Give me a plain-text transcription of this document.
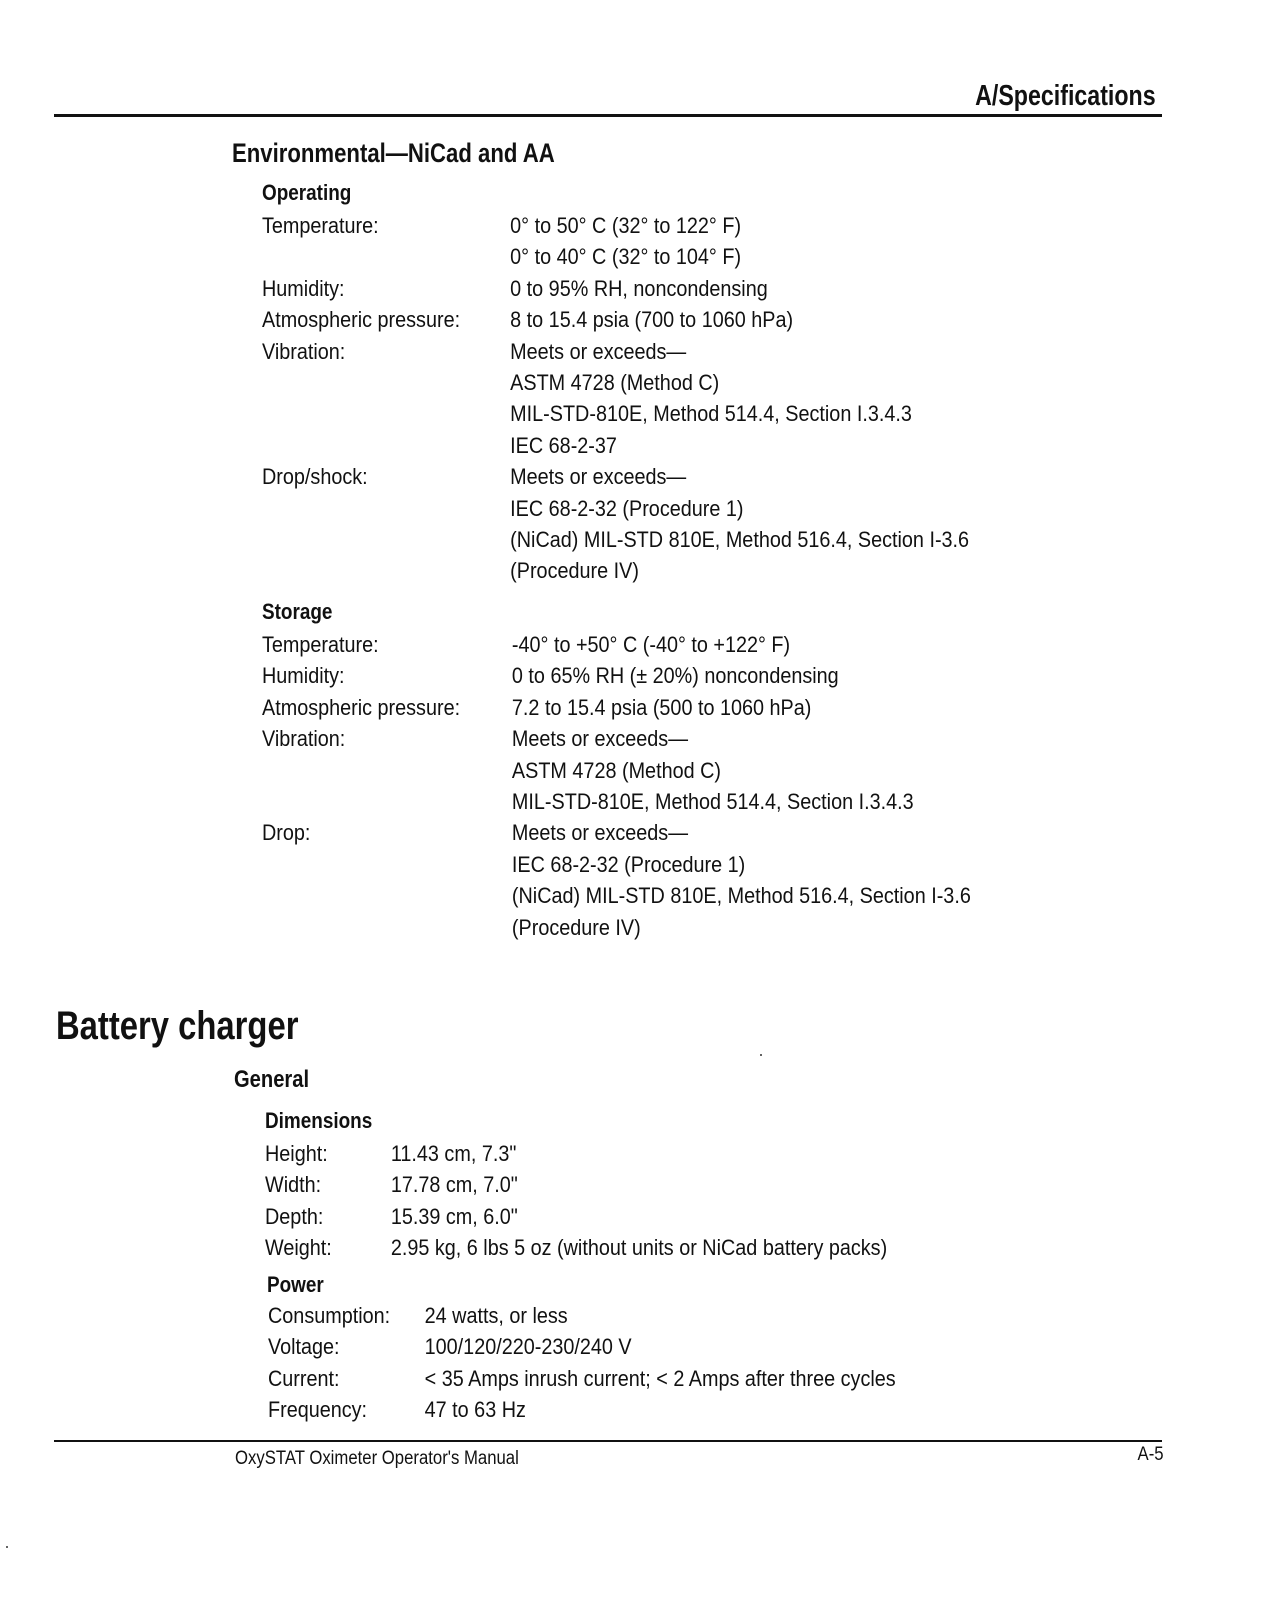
A/Specifications
Environmental—NiCad and AA
Operating
Temperature:	0° to 50° C (32° to 122° F)
0° to 40° C (32° to 104° F)
Humidity:	0 to 95% RH, noncondensing
Atmospheric pressure:	8 to 15.4 psia (700 to 1060 hPa)
Vibration:	Meets or exceeds—
ASTM 4728 (Method C)
MIL-STD-810E, Method 514.4, Section I.3.4.3
IEC 68-2-37
Drop/shock:	Meets or exceeds—
IEC 68-2-32 (Procedure 1)
(NiCad) MIL-STD 810E, Method 516.4, Section I-3.6
(Procedure IV)
Storage
Temperature:	-40° to +50° C (-40° to +122° F)
Humidity:	0 to 65% RH (± 20%) noncondensing
Atmospheric pressure:	7.2 to 15.4 psia (500 to 1060 hPa)
Vibration:	Meets or exceeds—
ASTM 4728 (Method C)
MIL-STD-810E, Method 514.4, Section I.3.4.3
Drop:	Meets or exceeds—
IEC 68-2-32 (Procedure 1)
(NiCad) MIL-STD 810E, Method 516.4, Section I-3.6
(Procedure IV)
Battery charger
General
Dimensions
Height:	11.43 cm, 7.3"
Width:	17.78 cm, 7.0"
Depth:	15.39 cm, 6.0"
Weight:	2.95 kg, 6 lbs 5 oz (without units or NiCad battery packs)
Power
Consumption:	24 watts, or less
Voltage:	100/120/220-230/240 V
Current:	< 35 Amps inrush current; < 2 Amps after three cycles
Frequency:	47 to 63 Hz
OxySTAT Oximeter Operator's Manual	A-5
